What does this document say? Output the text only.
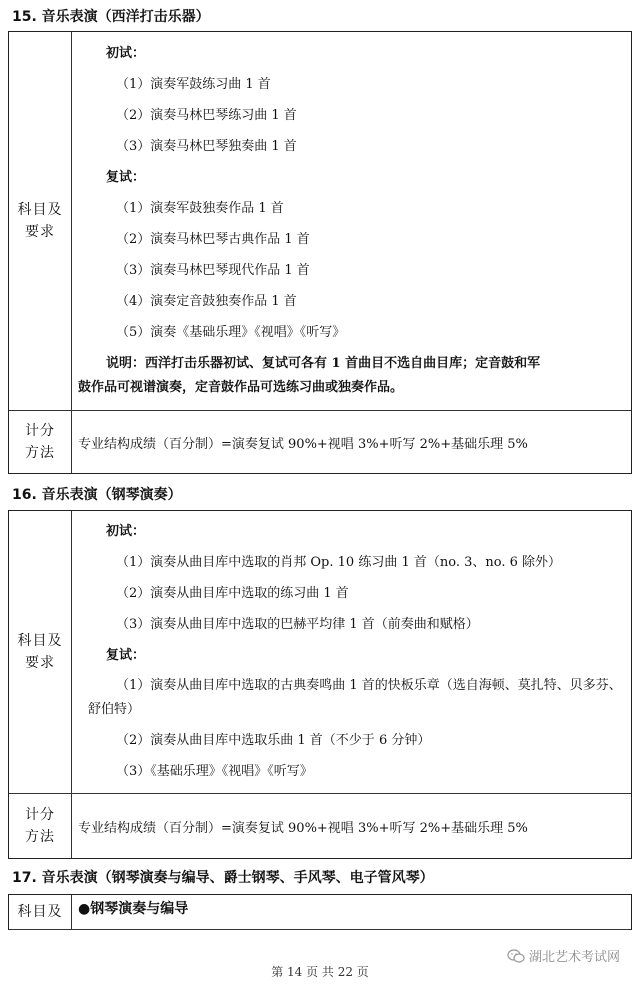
15. 音乐表演（西洋打击乐器）
科目及
要求
初试：
（1）演奏军鼓练习曲 1 首
（2）演奏马林巴琴练习曲 1 首
（3）演奏马林巴琴独奏曲 1 首
复试：
（1）演奏军鼓独奏作品 1 首
（2）演奏马林巴琴古典作品 1 首
（3）演奏马林巴琴现代作品 1 首
（4）演奏定音鼓独奏作品 1 首
（5）演奏《基础乐理》《视唱》《听写》
说明：西洋打击乐器初试、复试可各有 1 首曲目不选自曲目库；定音鼓和军
鼓作品可视谱演奏，定音鼓作品可选练习曲或独奏作品。
计分
方法
专业结构成绩（百分制）=演奏复试 90%+视唱 3%+听写 2%+基础乐理 5%
16. 音乐表演（钢琴演奏）
科目及
要求
初试：
（1）演奏从曲目库中选取的肖邦 Op. 10 练习曲 1 首（no. 3、no. 6 除外）
（2）演奏从曲目库中选取的练习曲 1 首
（3）演奏从曲目库中选取的巴赫平均律 1 首（前奏曲和赋格）
复试：
（1）演奏从曲目库中选取的古典奏鸣曲 1 首的快板乐章（选自海顿、莫扎特、贝多芬、舒伯特）
（2）演奏从曲目库中选取乐曲 1 首（不少于 6 分钟）
（3）《基础乐理》《视唱》《听写》
计分
方法
专业结构成绩（百分制）=演奏复试 90%+视唱 3%+听写 2%+基础乐理 5%
17. 音乐表演（钢琴演奏与编导、爵士钢琴、手风琴、电子管风琴）
科目及	●钢琴演奏与编导
湖北艺术考试网
第 14 页 共 22 页
